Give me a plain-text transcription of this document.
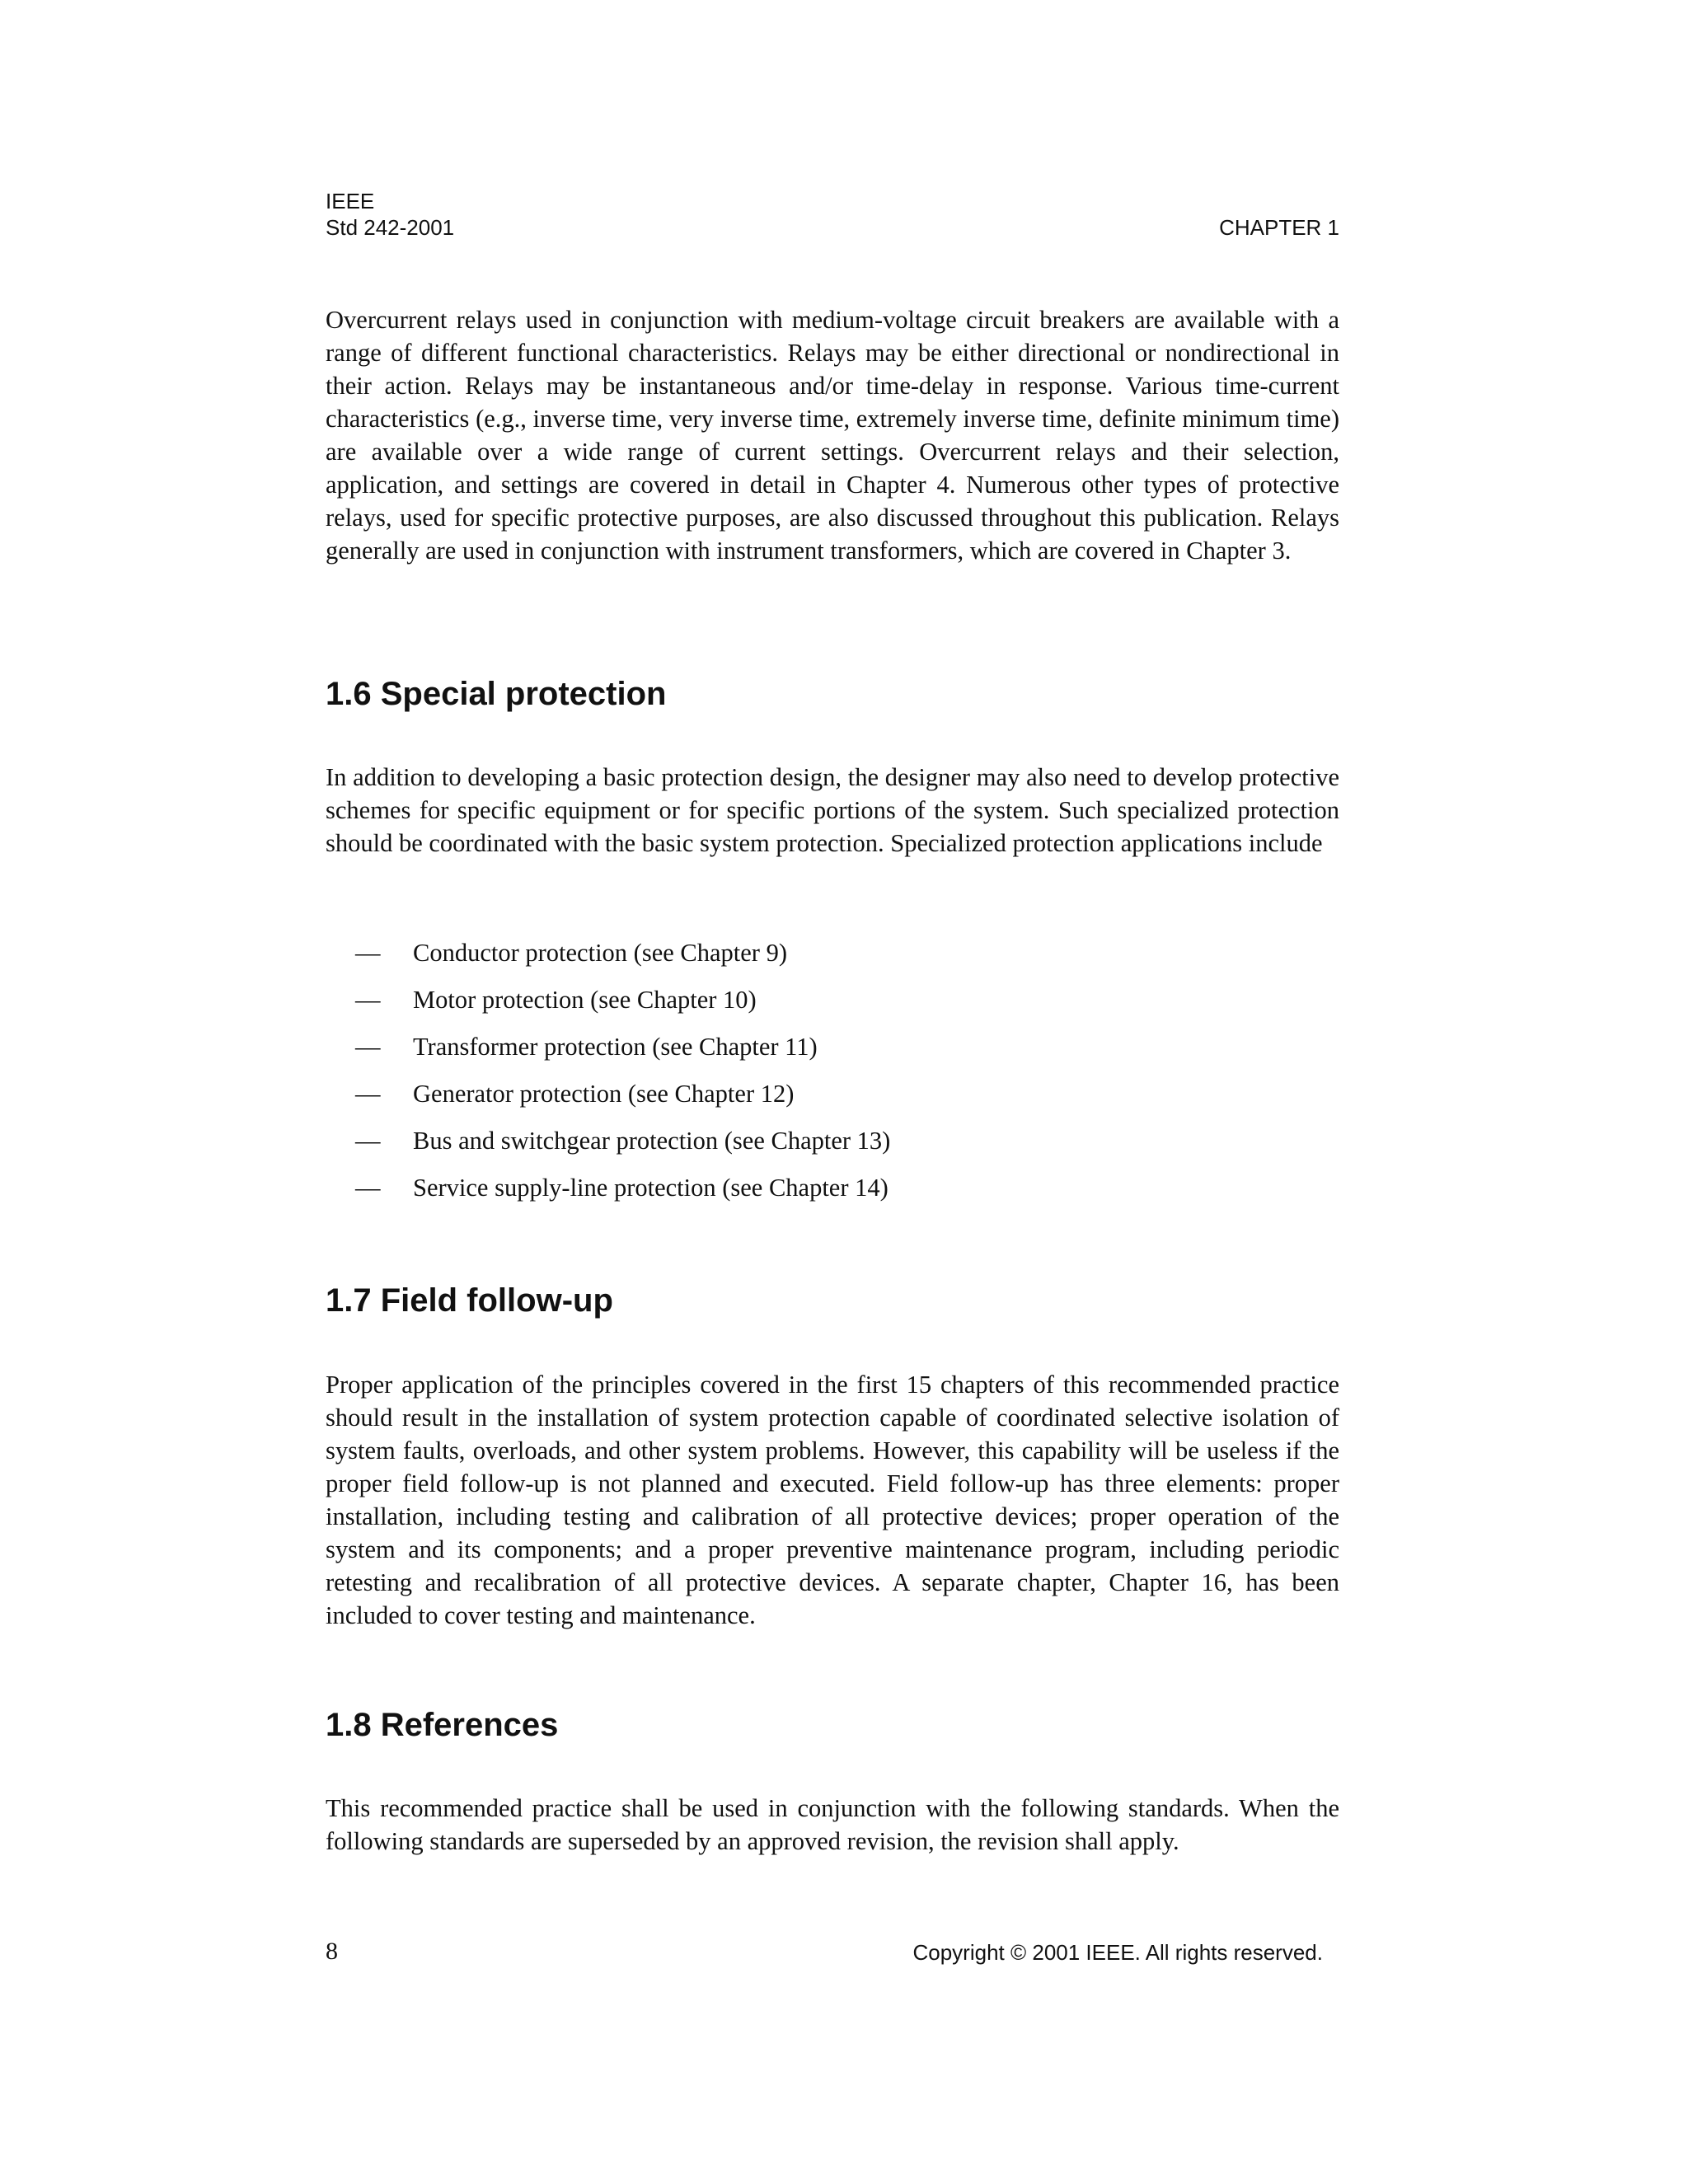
IEEE
Std 242-2001	CHAPTER 1

Overcurrent relays used in conjunction with medium-voltage circuit breakers are available with a range of different functional characteristics. Relays may be either directional or nondirectional in their action. Relays may be instantaneous and/or time-delay in response. Various time-current characteristics (e.g., inverse time, very inverse time, extremely inverse time, definite minimum time) are available over a wide range of current settings. Overcurrent relays and their selection, application, and settings are covered in detail in Chapter 4. Numerous other types of protective relays, used for specific protective purposes, are also discussed throughout this publication. Relays generally are used in conjunction with instrument transformers, which are covered in Chapter 3.

1.6 Special protection

In addition to developing a basic protection design, the designer may also need to develop protective schemes for specific equipment or for specific portions of the system. Such specialized protection should be coordinated with the basic system protection. Specialized protection applications include

— Conductor protection (see Chapter 9)
— Motor protection (see Chapter 10)
— Transformer protection (see Chapter 11)
— Generator protection (see Chapter 12)
— Bus and switchgear protection (see Chapter 13)
— Service supply-line protection (see Chapter 14)
1.7 Field follow-up

Proper application of the principles covered in the first 15 chapters of this recommended practice should result in the installation of system protection capable of coordinated selective isolation of system faults, overloads, and other system problems. However, this capability will be useless if the proper field follow-up is not planned and executed. Field follow-up has three elements: proper installation, including testing and calibration of all protective devices; proper operation of the system and its components; and a proper preventive maintenance program, including periodic retesting and recalibration of all protective devices. A separate chapter, Chapter 16, has been included to cover testing and maintenance.

1.8 References

This recommended practice shall be used in conjunction with the following standards. When the following standards are superseded by an approved revision, the revision shall apply.

8	Copyright © 2001 IEEE. All rights reserved.
